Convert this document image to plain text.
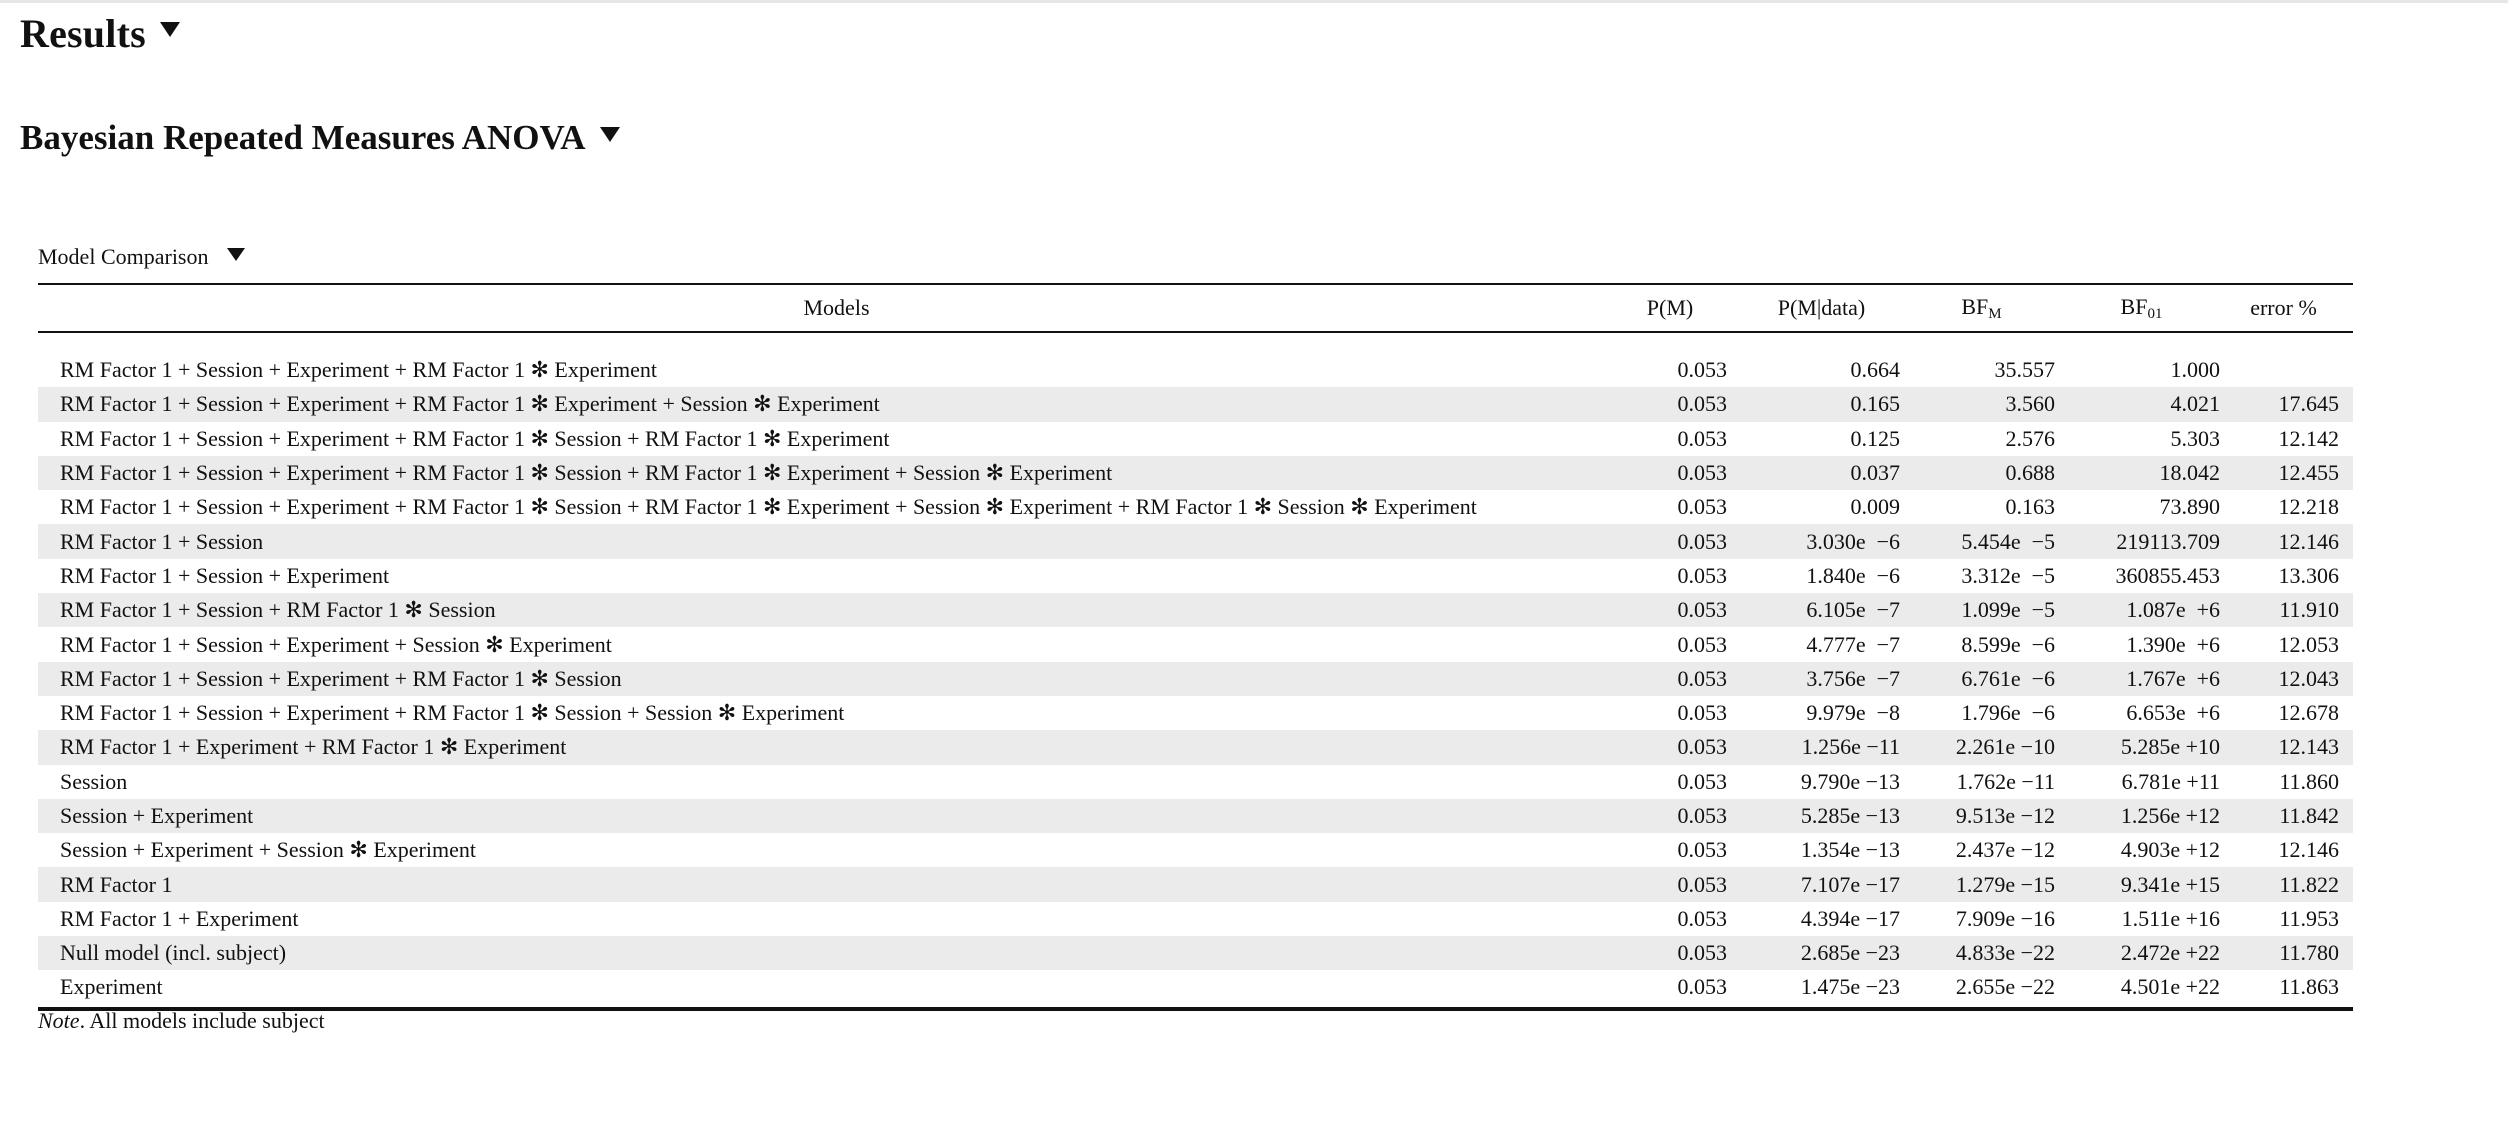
Results
Bayesian Repeated Measures ANOVA
Model Comparison
Models	P(M)	P(M|data)	$BF_M$	$BF_{01}$	error %
RM Factor 1 + Session + Experiment + RM Factor 1 ✻ Experiment	0.053	0.664	35.557	1.000
RM Factor 1 + Session + Experiment + RM Factor 1 ✻ Experiment + Session ✻ Experiment	0.053	0.165	3.560	4.021	17.645
RM Factor 1 + Session + Experiment + RM Factor 1 ✻ Session + RM Factor 1 ✻ Experiment	0.053	0.125	2.576	5.303	12.142
RM Factor 1 + Session + Experiment + RM Factor 1 ✻ Session + RM Factor 1 ✻ Experiment + Session ✻ Experiment	0.053	0.037	0.688	18.042	12.455
RM Factor 1 + Session + Experiment + RM Factor 1 ✻ Session + RM Factor 1 ✻ Experiment + Session ✻ Experiment + RM Factor 1 ✻ Session ✻ Experiment	0.053	0.009	0.163	73.890	12.218
RM Factor 1 + Session	0.053	3.030e  −6	5.454e  −5	219113.709	12.146
RM Factor 1 + Session + Experiment	0.053	1.840e  −6	3.312e  −5	360855.453	13.306
RM Factor 1 + Session + RM Factor 1 ✻ Session	0.053	6.105e  −7	1.099e  −5	1.087e  +6	11.910
RM Factor 1 + Session + Experiment + Session ✻ Experiment	0.053	4.777e  −7	8.599e  −6	1.390e  +6	12.053
RM Factor 1 + Session + Experiment + RM Factor 1 ✻ Session	0.053	3.756e  −7	6.761e  −6	1.767e  +6	12.043
RM Factor 1 + Session + Experiment + RM Factor 1 ✻ Session + Session ✻ Experiment	0.053	9.979e  −8	1.796e  −6	6.653e  +6	12.678
RM Factor 1 + Experiment + RM Factor 1 ✻ Experiment	0.053	1.256e −11	2.261e −10	5.285e +10	12.143
Session	0.053	9.790e −13	1.762e −11	6.781e +11	11.860
Session + Experiment	0.053	5.285e −13	9.513e −12	1.256e +12	11.842
Session + Experiment + Session ✻ Experiment	0.053	1.354e −13	2.437e −12	4.903e +12	12.146
RM Factor 1	0.053	7.107e −17	1.279e −15	9.341e +15	11.822
RM Factor 1 + Experiment	0.053	4.394e −17	7.909e −16	1.511e +16	11.953
Null model (incl. subject)	0.053	2.685e −23	4.833e −22	2.472e +22	11.780
Experiment	0.053	1.475e −23	2.655e −22	4.501e +22	11.863
Note. All models include subject
